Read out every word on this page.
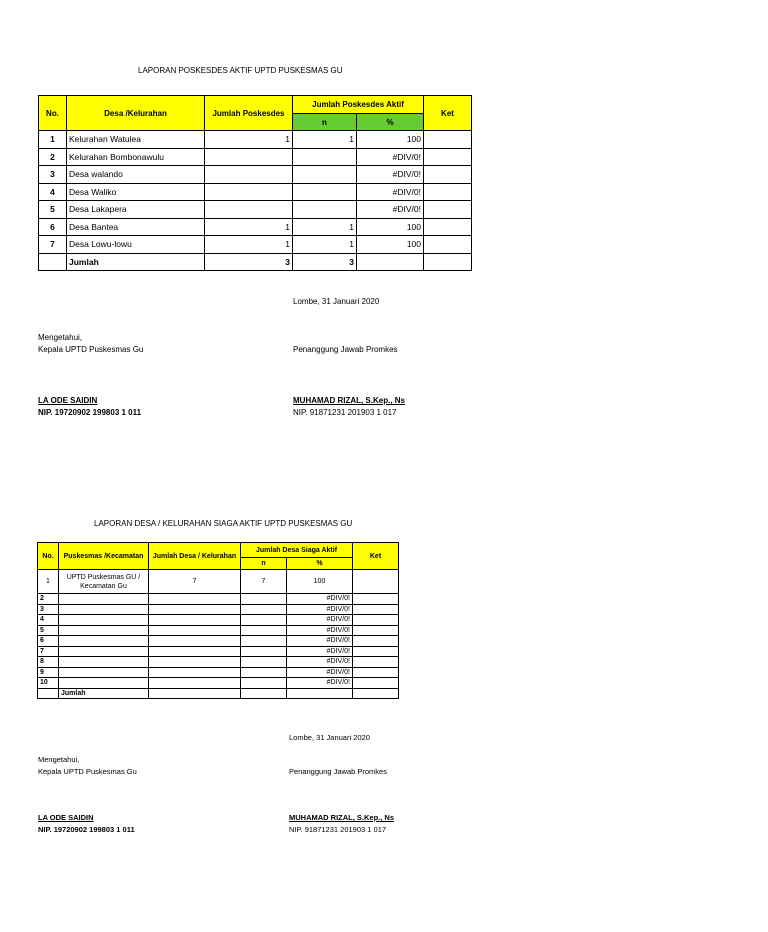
LAPORAN POSKESDES AKTIF UPTD PUSKESMAS GU
No.	Desa /Kelurahan	Jumlah Poskesdes	Jumlah Poskesdes Aktif		Ket
			n	%	
1	Kelurahan Watulea	1	1	100	
2	Kelurahan Bombonawulu			#DIV/0!	
3	Desa walando			#DIV/0!	
4	Desa Waliko			#DIV/0!	
5	Desa Lakapera			#DIV/0!	
6	Desa Bantea	1	1	100	
7	Desa Lowu-lowu	1	1	100	
	Jumlah	3	3		
Lombe, 31 Januari 2020
Mengetahui,
Kepala UPTD Puskesmas Gu	Penanggung Jawab Promkes
LA ODE SAIDIN
NIP. 19720902 199803 1 011
MUHAMAD RIZAL, S.Kep., Ns
NIP. 91871231 201903 1 017
LAPORAN DESA / KELURAHAN SIAGA AKTIF UPTD PUSKESMAS GU
No.	Puskesmas /Kecamatan	Jumlah Desa / Kelurahan	Jumlah Desa Siaga Aktif		Ket
			n	%	
1	UPTD Puskesmas GU /
Kecamatan Gu	7	7	100	
2				#DIV/0!	
3				#DIV/0!	
4				#DIV/0!	
5				#DIV/0!	
6				#DIV/0!	
7				#DIV/0!	
8				#DIV/0!	
9				#DIV/0!	
10				#DIV/0!	
	Jumlah				
Lombe, 31 Januari 2020
Mengetahui,
Kepala UPTD Puskesmas Gu	Penanggung Jawab Promkes
LA ODE SAIDIN
NIP. 19720902 199803 1 011
MUHAMAD RIZAL, S.Kep., Ns
NIP. 91871231 201903 1 017
